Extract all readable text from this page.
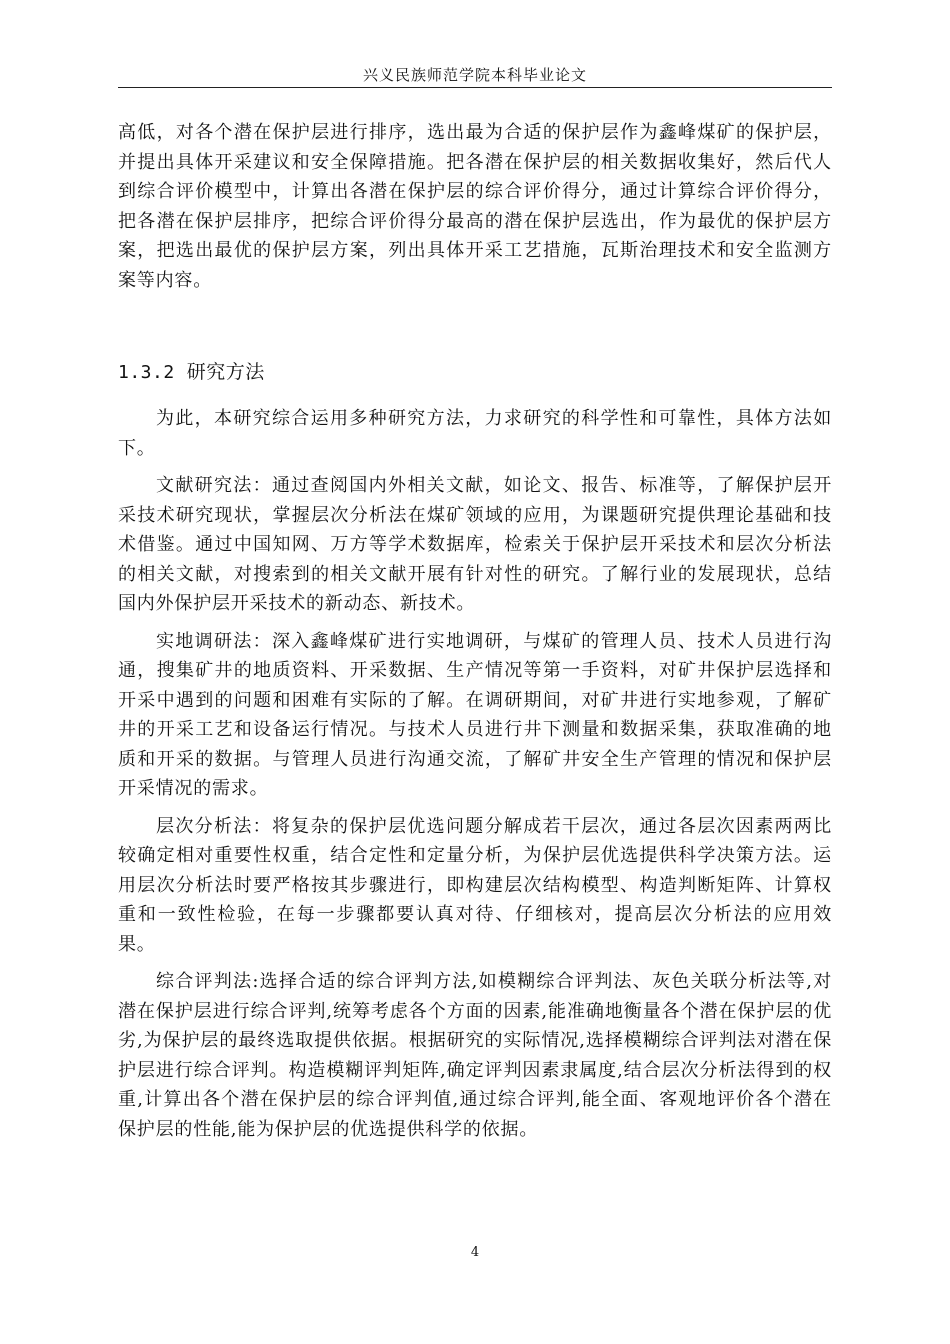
兴义民族师范学院本科毕业论文

高低，对各个潜在保护层进行排序，选出最为合适的保护层作为鑫峰煤矿的保护层，并提出具体开采建议和安全保障措施。把各潜在保护层的相关数据收集好，然后代人到综合评价模型中，计算出各潜在保护层的综合评价得分，通过计算综合评价得分，把各潜在保护层排序，把综合评价得分最高的潜在保护层选出，作为最优的保护层方案，把选出最优的保护层方案，列出具体开采工艺措施，瓦斯治理技术和安全监测方案等内容。

1.3.2 研究方法

为此，本研究综合运用多种研究方法，力求研究的科学性和可靠性，具体方法如下。

文献研究法：通过查阅国内外相关文献，如论文、报告、标准等，了解保护层开采技术研究现状，掌握层次分析法在煤矿领域的应用，为课题研究提供理论基础和技术借鉴。通过中国知网、万方等学术数据库，检索关于保护层开采技术和层次分析法的相关文献，对搜索到的相关文献开展有针对性的研究。了解行业的发展现状，总结国内外保护层开采技术的新动态、新技术。

实地调研法：深入鑫峰煤矿进行实地调研，与煤矿的管理人员、技术人员进行沟通，搜集矿井的地质资料、开采数据、生产情况等第一手资料，对矿井保护层选择和开采中遇到的问题和困难有实际的了解。在调研期间，对矿井进行实地参观，了解矿井的开采工艺和设备运行情况。与技术人员进行井下测量和数据采集，获取准确的地质和开采的数据。与管理人员进行沟通交流，了解矿井安全生产管理的情况和保护层开采情况的需求。

层次分析法：将复杂的保护层优选问题分解成若干层次，通过各层次因素两两比较确定相对重要性权重，结合定性和定量分析，为保护层优选提供科学决策方法。运用层次分析法时要严格按其步骤进行，即构建层次结构模型、构造判断矩阵、计算权重和一致性检验，在每一步骤都要认真对待、仔细核对，提高层次分析法的应用效果。

综合评判法:选择合适的综合评判方法,如模糊综合评判法、灰色关联分析法等,对潜在保护层进行综合评判,统筹考虑各个方面的因素,能准确地衡量各个潜在保护层的优劣,为保护层的最终选取提供依据。根据研究的实际情况,选择模糊综合评判法对潜在保护层进行综合评判。构造模糊评判矩阵,确定评判因素隶属度,结合层次分析法得到的权重,计算出各个潜在保护层的综合评判值,通过综合评判,能全面、客观地评价各个潜在保护层的性能,能为保护层的优选提供科学的依据。

4
